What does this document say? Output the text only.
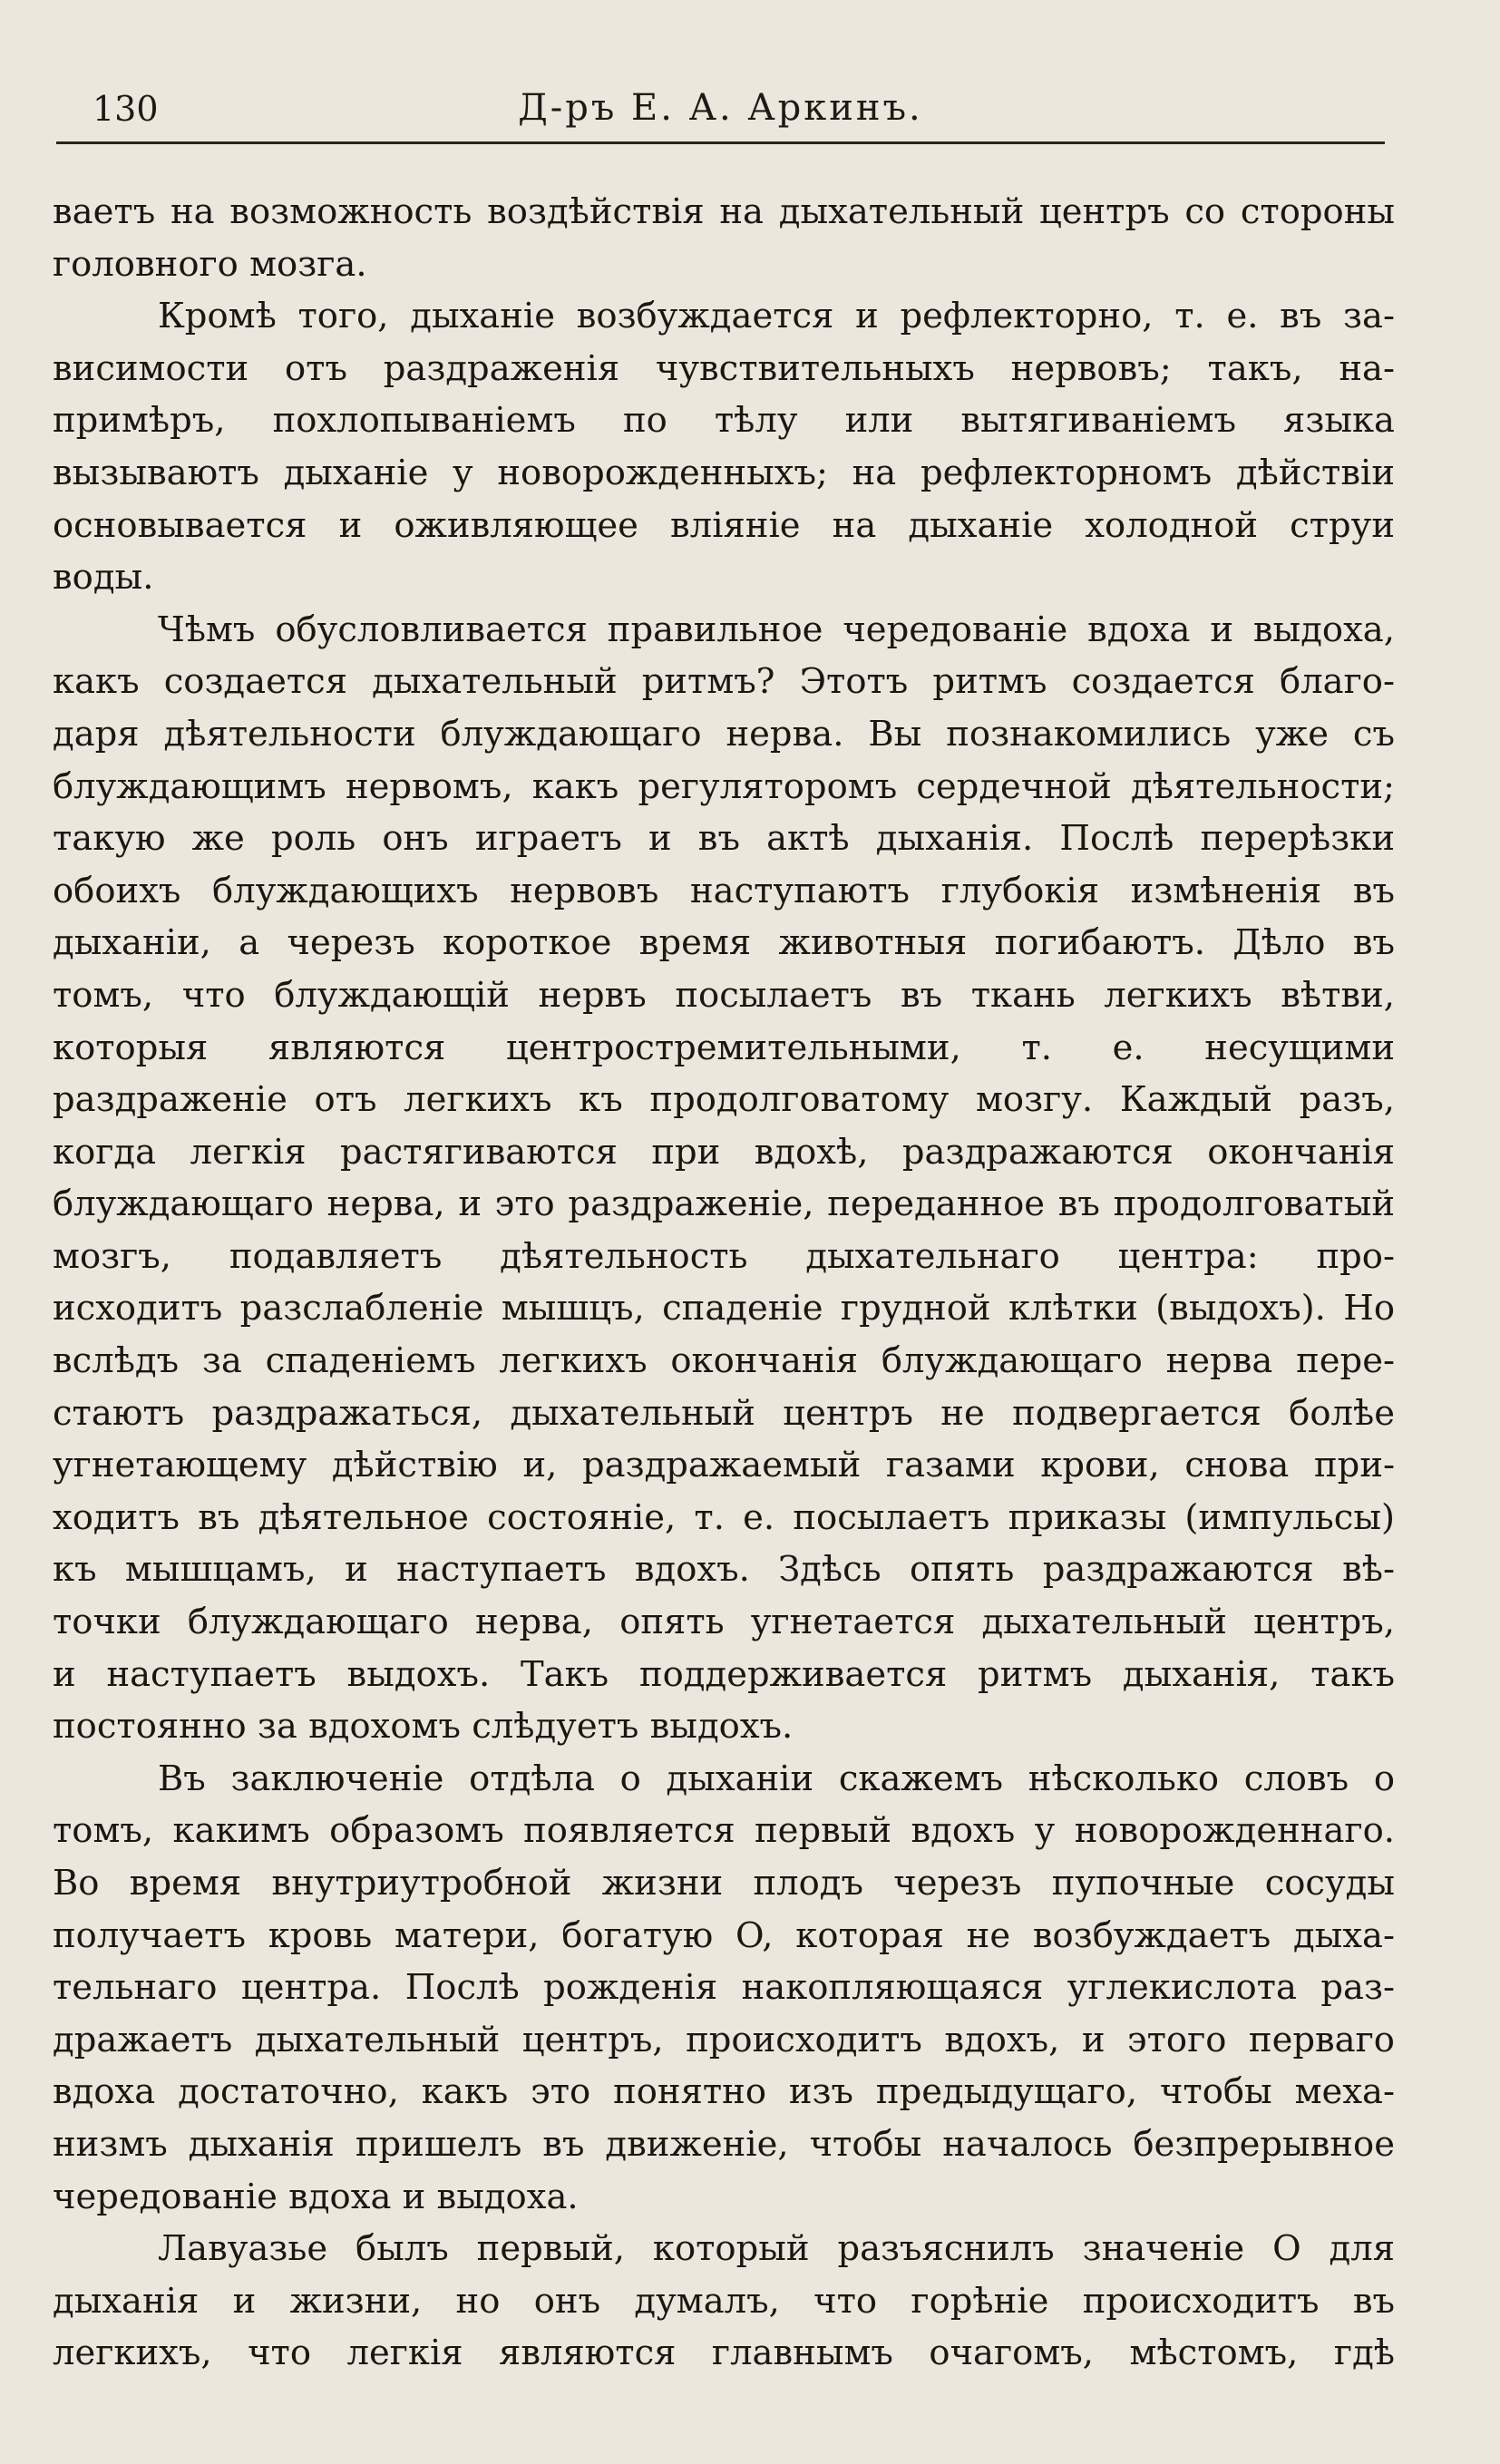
130	Д-ръ Е. А. Аркинъ.
ваетъ на возможность воздѣйствія на дыхательный центръ со стороны
головного мозга.
Кромѣ того, дыханіе возбуждается и рефлекторно, т. е. въ за-
висимости отъ раздраженія чувствительныхъ нервовъ; такъ, на-
примѣръ, похлопываніемъ по тѣлу или вытягиваніемъ языка
вызываютъ дыханіе у новорожденныхъ; на рефлекторномъ дѣйствіи
основывается и оживляющее вліяніе на дыханіе холодной струи
воды.
Чѣмъ обусловливается правильное чередованіе вдоха и выдоха,
какъ создается дыхательный ритмъ? Этотъ ритмъ создается благо-
даря дѣятельности блуждающаго нерва. Вы познакомились уже съ
блуждающимъ нервомъ, какъ регуляторомъ сердечной дѣятельности;
такую же роль онъ играетъ и въ актѣ дыханія. Послѣ перерѣзки
обоихъ блуждающихъ нервовъ наступаютъ глубокія измѣненія въ
дыханіи, а черезъ короткое время животныя погибаютъ. Дѣло въ
томъ, что блуждающій нервъ посылаетъ въ ткань легкихъ вѣтви,
которыя являются центростремительными, т. е. несущими
раздраженіе отъ легкихъ къ продолговатому мозгу. Каждый разъ,
когда легкія растягиваются при вдохѣ, раздражаются окончанія
блуждающаго нерва, и это раздраженіе, переданное въ продолговатый
мозгъ, подавляетъ дѣятельность дыхательнаго центра: про-
исходитъ разслабленіе мышцъ, спаденіе грудной клѣтки (выдохъ). Но
вслѣдъ за спаденіемъ легкихъ окончанія блуждающаго нерва пере-
стаютъ раздражаться, дыхательный центръ не подвергается болѣе
угнетающему дѣйствію и, раздражаемый газами крови, снова при-
ходитъ въ дѣятельное состояніе, т. е. посылаетъ приказы (импульсы)
къ мышцамъ, и наступаетъ вдохъ. Здѣсь опять раздражаются вѣ-
точки блуждающаго нерва, опять угнетается дыхательный центръ,
и наступаетъ выдохъ. Такъ поддерживается ритмъ дыханія, такъ
постоянно за вдохомъ слѣдуетъ выдохъ.
Въ заключеніе отдѣла о дыханіи скажемъ нѣсколько словъ о
томъ, какимъ образомъ появляется первый вдохъ у новорожденнаго.
Во время внутриутробной жизни плодъ черезъ пупочные сосуды
получаетъ кровь матери, богатую O, которая не возбуждаетъ дыха-
тельнаго центра. Послѣ рожденія накопляющаяся углекислота раз-
дражаетъ дыхательный центръ, происходитъ вдохъ, и этого перваго
вдоха достаточно, какъ это понятно изъ предыдущаго, чтобы меха-
низмъ дыханія пришелъ въ движеніе, чтобы началось безпрерывное
чередованіе вдоха и выдоха.
Лавуазье былъ первый, который разъяснилъ значеніе O для
дыханія и жизни, но онъ думалъ, что горѣніе происходитъ въ
легкихъ, что легкія являются главнымъ очагомъ, мѣстомъ, гдѣ
